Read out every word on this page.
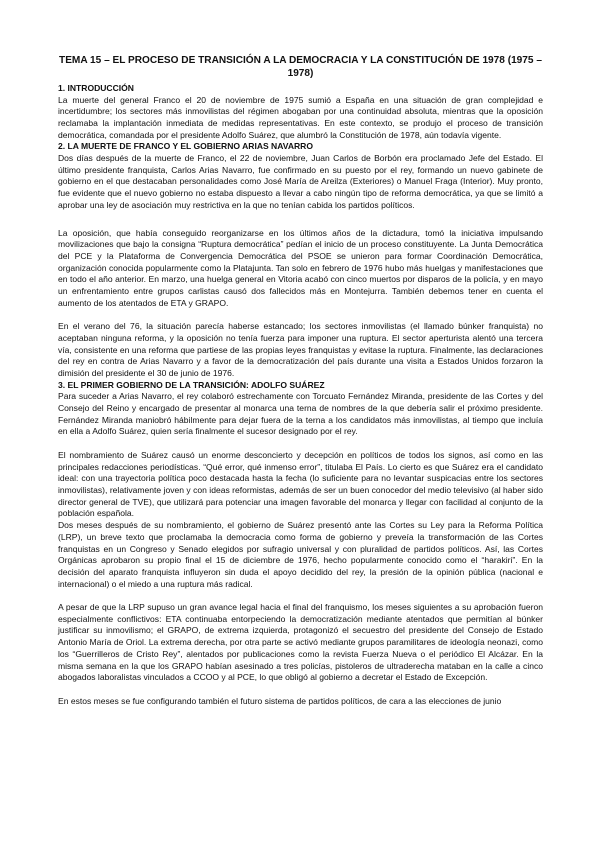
TEMA 15 – EL PROCESO DE TRANSICIÓN A LA DEMOCRACIA Y LA CONSTITUCIÓN DE 1978 (1975 – 1978)
1. INTRODUCCIÓN

La muerte del general Franco el 20 de noviembre de 1975 sumió a España en una situación de gran complejidad e incertidumbre; los sectores más inmovilistas del régimen abogaban por una continuidad absoluta, mientras que la oposición reclamaba la implantación inmediata de medidas representativas. En este contexto, se produjo el proceso de transición democrática, comandada por el presidente Adolfo Suárez, que alumbró la Constitución de 1978, aún todavía vigente.

2. LA MUERTE DE FRANCO Y EL GOBIERNO ARIAS NAVARRO

Dos días después de la muerte de Franco, el 22 de noviembre, Juan Carlos de Borbón era proclamado Jefe del Estado. El último presidente franquista, Carlos Arias Navarro, fue confirmado en su puesto por el rey, formando un nuevo gabinete de gobierno en el que destacaban personalidades como José María de Areilza (Exteriores) o Manuel Fraga (Interior). Muy pronto, fue evidente que el nuevo gobierno no estaba dispuesto a llevar a cabo ningún tipo de reforma democrática, ya que se limitó a aprobar una ley de asociación muy restrictiva en la que no tenían cabida los partidos políticos.

La oposición, que había conseguido reorganizarse en los últimos años de la dictadura, tomó la iniciativa impulsando movilizaciones que bajo la consigna “Ruptura democrática” pedían el inicio de un proceso constituyente. La Junta Democrática del PCE y la Plataforma de Convergencia Democrática del PSOE se unieron para formar Coordinación Democrática, organización conocida popularmente como la Platajunta. Tan solo en febrero de 1976 hubo más huelgas y manifestaciones que en todo el año anterior. En marzo, una huelga general en Vitoria acabó con cinco muertos por disparos de la policía, y en mayo un enfrentamiento entre grupos carlistas causó dos fallecidos más en Montejurra. También debemos tener en cuenta el aumento de los atentados de ETA y GRAPO.

En el verano del 76, la situación parecía haberse estancado; los sectores inmovilistas (el llamado búnker franquista) no aceptaban ninguna reforma, y la oposición no tenía fuerza para imponer una ruptura. El sector aperturista alentó una tercera vía, consistente en una reforma que partiese de las propias leyes franquistas y evitase la ruptura. Finalmente, las declaraciones del rey en contra de Arias Navarro y a favor de la democratización del país durante una visita a Estados Unidos forzaron la dimisión del presidente el 30 de junio de 1976.

3. EL PRIMER GOBIERNO DE LA TRANSICIÓN: ADOLFO SUÁREZ

Para suceder a Arias Navarro, el rey colaboró estrechamente con Torcuato Fernández Miranda, presidente de las Cortes y del Consejo del Reino y encargado de presentar al monarca una terna de nombres de la que debería salir el próximo presidente. Fernández Miranda maniobró hábilmente para dejar fuera de la terna a los candidatos más inmovilistas, al tiempo que incluía en ella a Adolfo Suárez, quien sería finalmente el sucesor designado por el rey.

El nombramiento de Suárez causó un enorme desconcierto y decepción en políticos de todos los signos, así como en las principales redacciones periodísticas. “Qué error, qué inmenso error”, titulaba El País. Lo cierto es que Suárez era el candidato ideal: con una trayectoria política poco destacada hasta la fecha (lo suficiente para no levantar suspicacias entre los sectores inmovilistas), relativamente joven y con ideas reformistas, además de ser un buen conocedor del medio televisivo (al haber sido director general de TVE), que utilizará para potenciar una imagen favorable del monarca y llegar con facilidad al conjunto de la población española.

Dos meses después de su nombramiento, el gobierno de Suárez presentó ante las Cortes su Ley para la Reforma Política (LRP), un breve texto que proclamaba la democracia como forma de gobierno y preveía la transformación de las Cortes franquistas en un Congreso y Senado elegidos por sufragio universal y con pluralidad de partidos políticos. Así, las Cortes Orgánicas aprobaron su propio final el 15 de diciembre de 1976, hecho popularmente conocido como el “harakiri”. En la decisión del aparato franquista influyeron sin duda el apoyo decidido del rey, la presión de la opinión pública (nacional e internacional) o el miedo a una ruptura más radical.

A pesar de que la LRP supuso un gran avance legal hacia el final del franquismo, los meses siguientes a su aprobación fueron especialmente conflictivos: ETA continuaba entorpeciendo la democratización mediante atentados que permitían al búnker justificar su inmovilismo; el GRAPO, de extrema izquierda, protagonizó el secuestro del presidente del Consejo de Estado Antonio María de Oriol. La extrema derecha, por otra parte se activó mediante grupos paramilitares de ideología neonazi, como los “Guerrilleros de Cristo Rey”, alentados por publicaciones como la revista Fuerza Nueva o el periódico El Alcázar. En la misma semana en la que los GRAPO habían asesinado a tres policías, pistoleros de ultraderecha mataban en la calle a cinco abogados laboralistas vinculados a CCOO y al PCE, lo que obligó al gobierno a decretar el Estado de Excepción.

En estos meses se fue configurando también el futuro sistema de partidos políticos, de cara a las elecciones de junio
